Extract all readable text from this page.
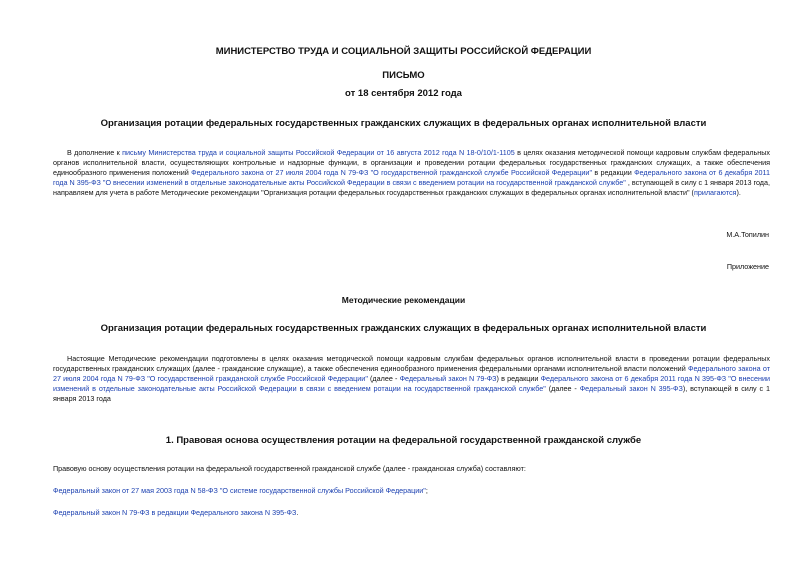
МИНИСТЕРСТВО ТРУДА И СОЦИАЛЬНОЙ ЗАЩИТЫ РОССИЙСКОЙ ФЕДЕРАЦИИ
ПИСЬМО
от 18 сентября 2012 года
Организация ротации федеральных государственных гражданских служащих в федеральных органах исполнительной власти
В дополнение к письму Министерства труда и социальной защиты Российской Федерации от 16 августа 2012 года N 18-0/10/1-1105 в целях оказания методической помощи кадровым службам федеральных органов исполнительной власти, осуществляющих контрольные и надзорные функции, в организации и проведении ротации федеральных государственных гражданских служащих, а также обеспечения единообразного применения положений Федерального закона от 27 июля 2004 года N 79-ФЗ "О государственной гражданской службе Российской Федерации" в редакции Федерального закона от 6 декабря 2011 года N 395-ФЗ "О внесении изменений в отдельные законодательные акты Российской Федерации в связи с введением ротации на государственной гражданской службе" , вступающей в силу с 1 января 2013 года, направляем для учета в работе Методические рекомендации "Организация ротации федеральных государственных гражданских служащих в федеральных органах исполнительной власти" (прилагаются).
М.А.Топилин
Приложение
Методические рекомендации
Организация ротации федеральных государственных гражданских служащих в федеральных органах исполнительной власти
Настоящие Методические рекомендации подготовлены в целях оказания методической помощи кадровым службам федеральных органов исполнительной власти в проведении ротации федеральных государственных гражданских служащих (далее - гражданские служащие), а также обеспечения единообразного применения федеральными органами исполнительной власти положений Федерального закона от 27 июля 2004 года N 79-ФЗ "О государственной гражданской службе Российской Федерации" (далее - Федеральный закон N 79-ФЗ) в редакции Федерального закона от 6 декабря 2011 года N 395-ФЗ "О внесении изменений в отдельные законодательные акты Российской Федерации в связи с введением ротации на государственной гражданской службе" (далее - Федеральный закон N 395-ФЗ), вступающей в силу с 1 января 2013 года
1. Правовая основа осуществления ротации на федеральной государственной гражданской службе
Правовую основу осуществления ротации на федеральной государственной гражданской службе (далее - гражданская служба) составляют:
Федеральный закон от 27 мая 2003 года N 58-ФЗ "О системе государственной службы Российской Федерации";
Федеральный закон N 79-ФЗ в редакции Федерального закона N 395-ФЗ.
